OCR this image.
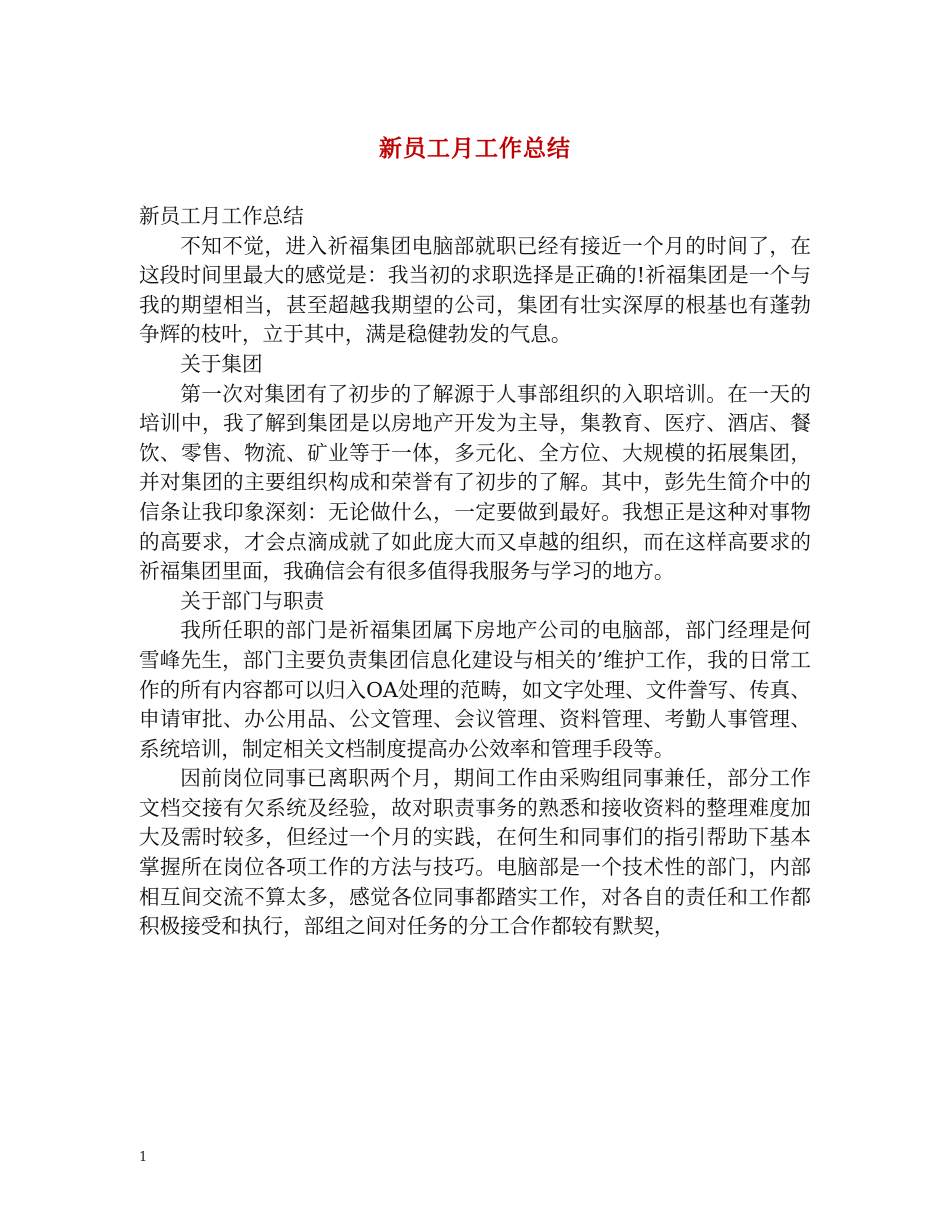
新员工月工作总结

新员工月工作总结

不知不觉，进入祈福集团电脑部就职已经有接近一个月的时间了，在这段时间里最大的感觉是：我当初的求职选择是正确的!祈福集团是一个与我的期望相当，甚至超越我期望的公司，集团有壮实深厚的根基也有蓬勃争辉的枝叶，立于其中，满是稳健勃发的气息。

关于集团

第一次对集团有了初步的了解源于人事部组织的入职培训。在一天的培训中，我了解到集团是以房地产开发为主导，集教育、医疗、酒店、餐饮、零售、物流、矿业等于一体，多元化、全方位、大规模的拓展集团，并对集团的主要组织构成和荣誉有了初步的了解。其中，彭先生简介中的信条让我印象深刻：无论做什么，一定要做到最好。我想正是这种对事物的高要求，才会点滴成就了如此庞大而又卓越的组织，而在这样高要求的祈福集团里面，我确信会有很多值得我服务与学习的地方。

关于部门与职责

我所任职的部门是祈福集团属下房地产公司的电脑部，部门经理是何雪峰先生，部门主要负责集团信息化建设与相关的’维护工作，我的日常工作的所有内容都可以归入OA处理的范畴，如文字处理、文件誊写、传真、申请审批、办公用品、公文管理、会议管理、资料管理、考勤人事管理、系统培训，制定相关文档制度提高办公效率和管理手段等。

因前岗位同事已离职两个月，期间工作由采购组同事兼任，部分工作文档交接有欠系统及经验，故对职责事务的熟悉和接收资料的整理难度加大及需时较多，但经过一个月的实践，在何生和同事们的指引帮助下基本掌握所在岗位各项工作的方法与技巧。电脑部是一个技术性的部门，内部相互间交流不算太多，感觉各位同事都踏实工作，对各自的责任和工作都积极接受和执行，部组之间对任务的分工合作都较有默契，

1
